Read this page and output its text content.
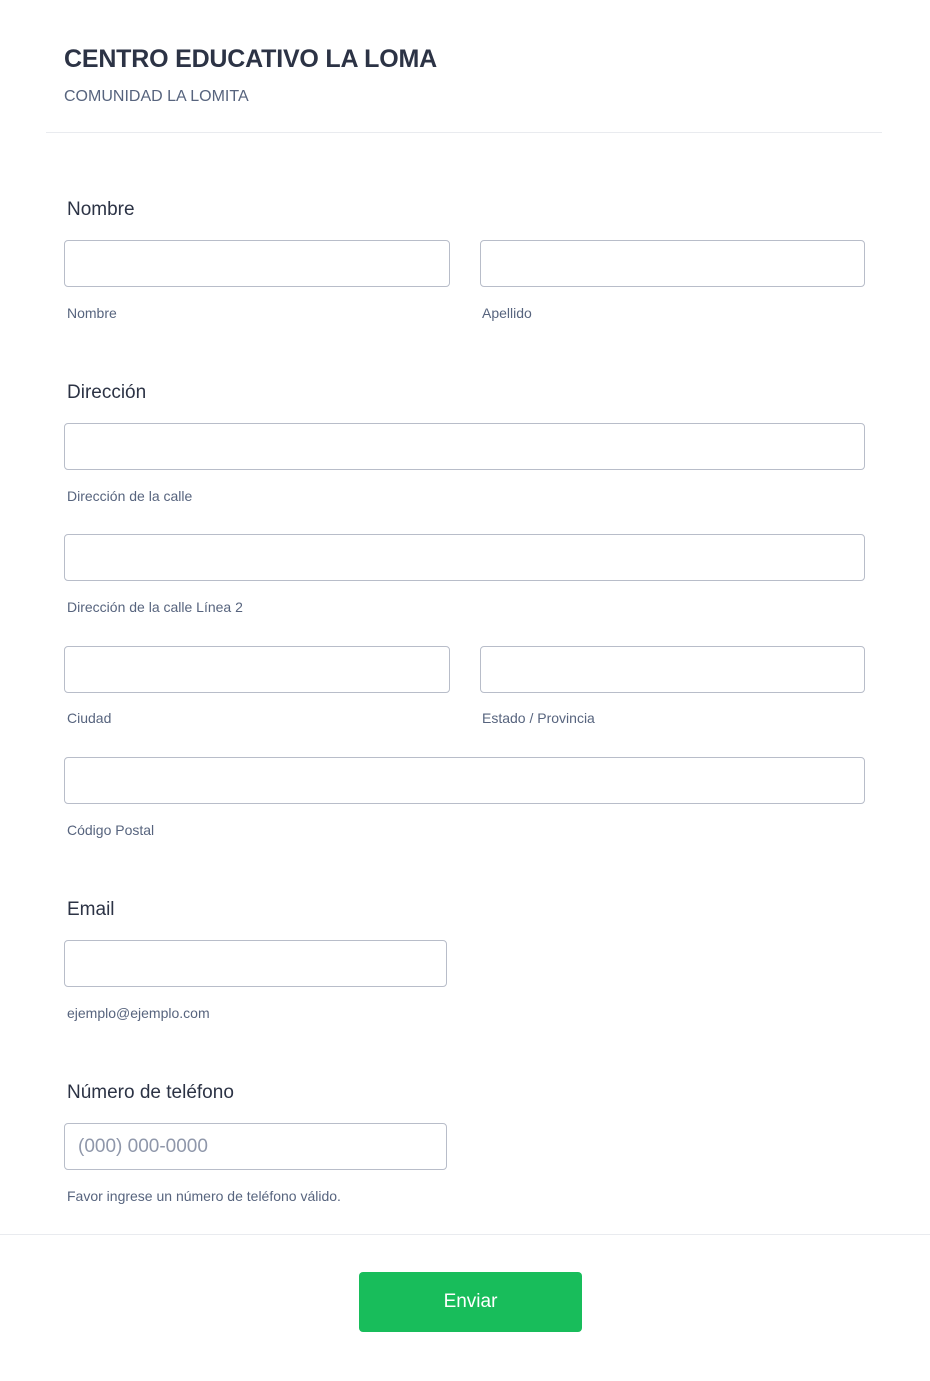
CENTRO EDUCATIVO LA LOMA
COMUNIDAD LA LOMITA
Nombre
Nombre	Apellido
Dirección
Dirección de la calle
Dirección de la calle Línea 2
Ciudad	Estado / Provincia
Código Postal
Email
ejemplo@ejemplo.com
Número de teléfono
(000) 000-0000
Favor ingrese un número de teléfono válido.
Enviar
